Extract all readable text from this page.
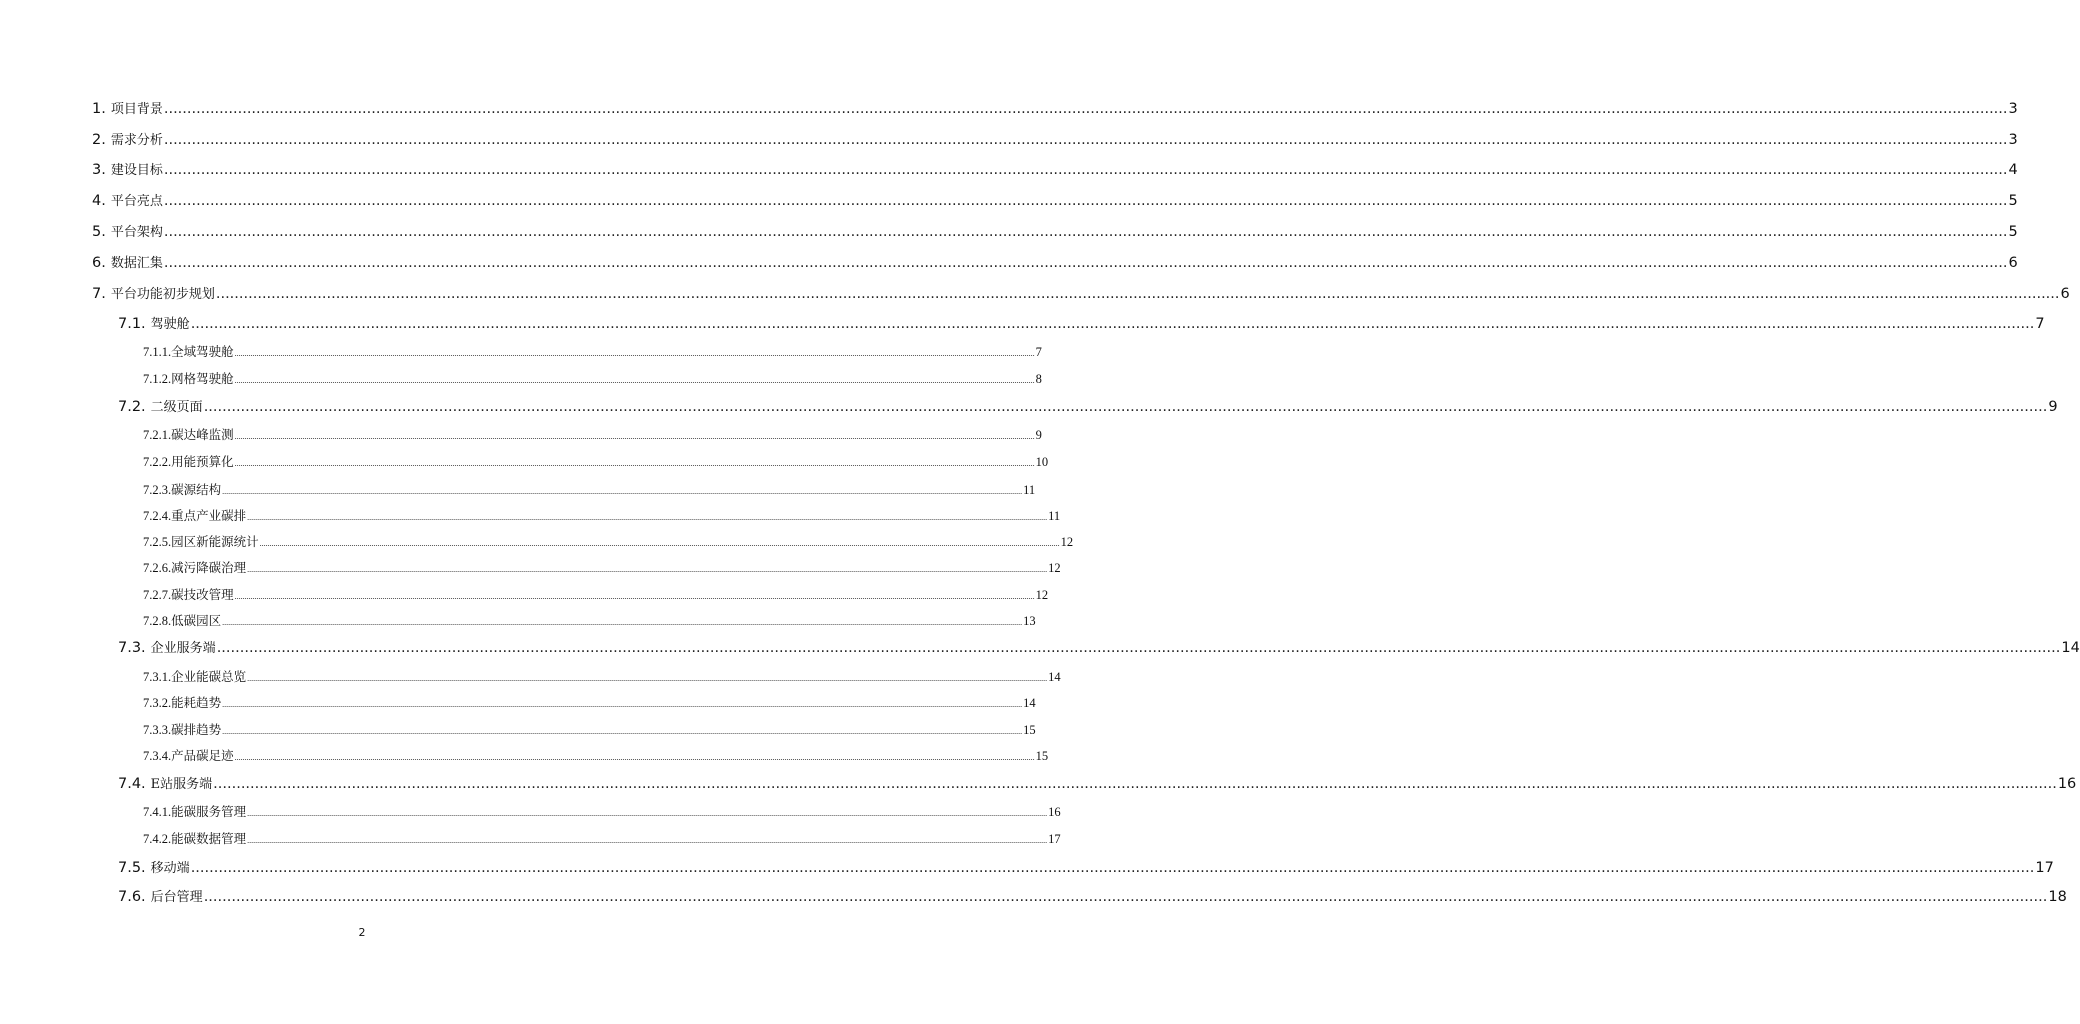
1. 项目背景 ................................................................................................................................................................................................................................................................................................................................................................................................................ 3
2. 需求分析 ................................................................................................................................................................................................................................................................................................................................................................................................................ 3
3. 建设目标 ................................................................................................................................................................................................................................................................................................................................................................................................................ 4
4. 平台亮点 ................................................................................................................................................................................................................................................................................................................................................................................................................ 5
5. 平台架构 ................................................................................................................................................................................................................................................................................................................................................................................................................ 5
6. 数据汇集 ................................................................................................................................................................................................................................................................................................................................................................................................................ 6
7. 平台功能初步规划 ................................................................................................................................................................................................................................................................................................................................................................................................................ 6
7.1. 驾驶舱 ................................................................................................................................................................................................................................................................................................................................................................................................................ 7
7.1.1. 全域驾驶舱 ................................................................................................................................................................................................................................................................................................................................................................................................................ 7
7.1.2. 网格驾驶舱 ................................................................................................................................................................................................................................................................................................................................................................................................................ 8
7.2. 二级页面 ................................................................................................................................................................................................................................................................................................................................................................................................................ 9
7.2.1. 碳达峰监测 ................................................................................................................................................................................................................................................................................................................................................................................................................ 9
7.2.2. 用能预算化 ................................................................................................................................................................................................................................................................................................................................................................................................................ 10
7.2.3. 碳源结构 ................................................................................................................................................................................................................................................................................................................................................................................................................ 11
7.2.4. 重点产业碳排 ................................................................................................................................................................................................................................................................................................................................................................................................................ 11
7.2.5. 园区新能源统计 ................................................................................................................................................................................................................................................................................................................................................................................................................ 12
7.2.6. 减污降碳治理 ................................................................................................................................................................................................................................................................................................................................................................................................................ 12
7.2.7. 碳技改管理 ................................................................................................................................................................................................................................................................................................................................................................................................................ 12
7.2.8. 低碳园区 ................................................................................................................................................................................................................................................................................................................................................................................................................ 13
7.3. 企业服务端 ................................................................................................................................................................................................................................................................................................................................................................................................................ 14
7.3.1. 企业能碳总览 ................................................................................................................................................................................................................................................................................................................................................................................................................ 14
7.3.2. 能耗趋势 ................................................................................................................................................................................................................................................................................................................................................................................................................ 14
7.3.3. 碳排趋势 ................................................................................................................................................................................................................................................................................................................................................................................................................ 15
7.3.4. 产品碳足迹 ................................................................................................................................................................................................................................................................................................................................................................................................................ 15
7.4. E站服务端 ................................................................................................................................................................................................................................................................................................................................................................................................................ 16
7.4.1. 能碳服务管理 ................................................................................................................................................................................................................................................................................................................................................................................................................ 16
7.4.2. 能碳数据管理 ................................................................................................................................................................................................................................................................................................................................................................................................................ 17
7.5. 移动端 ................................................................................................................................................................................................................................................................................................................................................................................................................ 17
7.6. 后台管理 ................................................................................................................................................................................................................................................................................................................................................................................................................ 18
2
